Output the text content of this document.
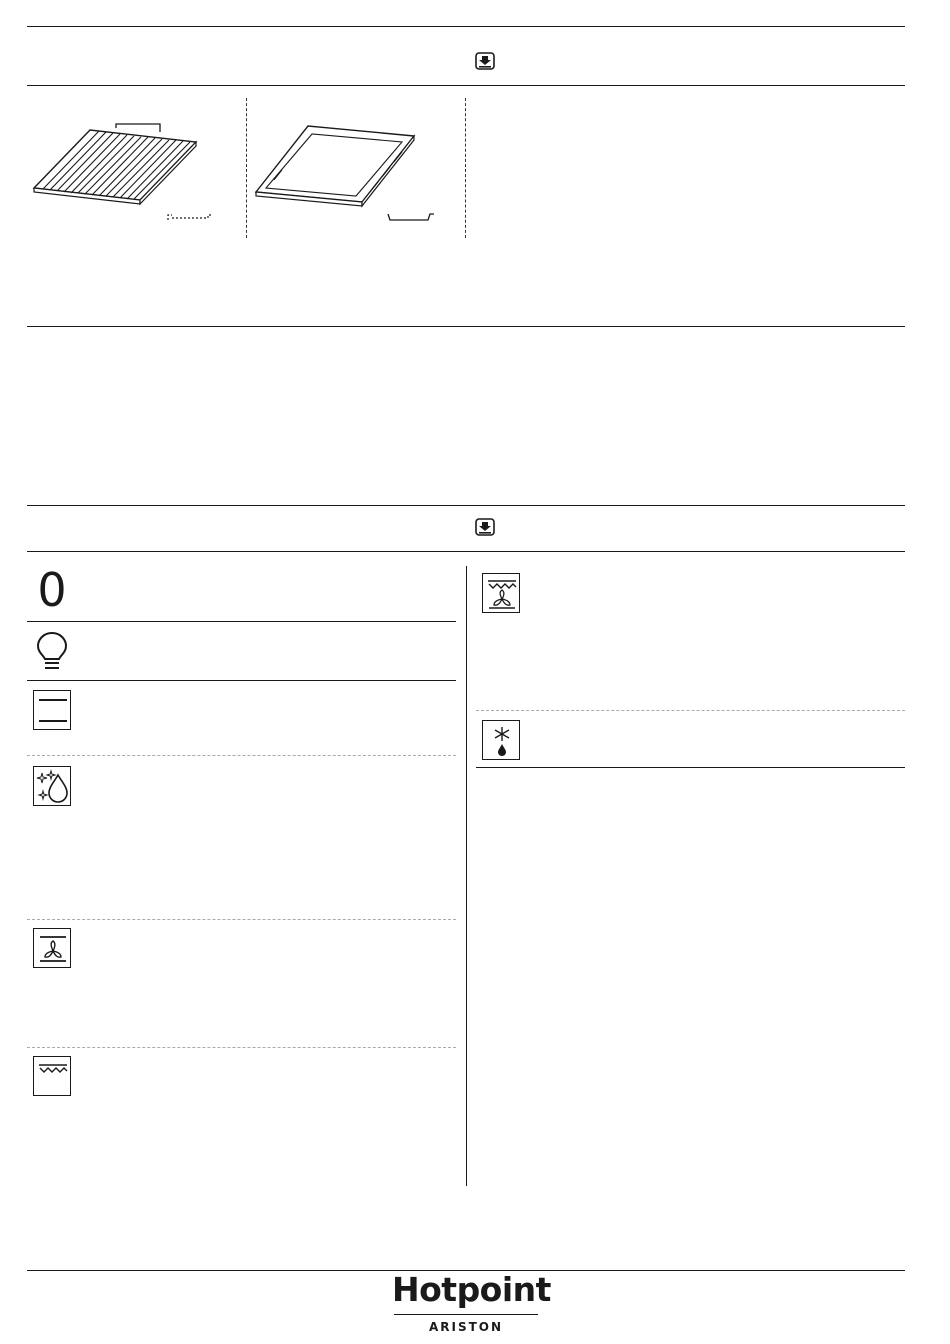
0
Hotpoint
ARISTON
